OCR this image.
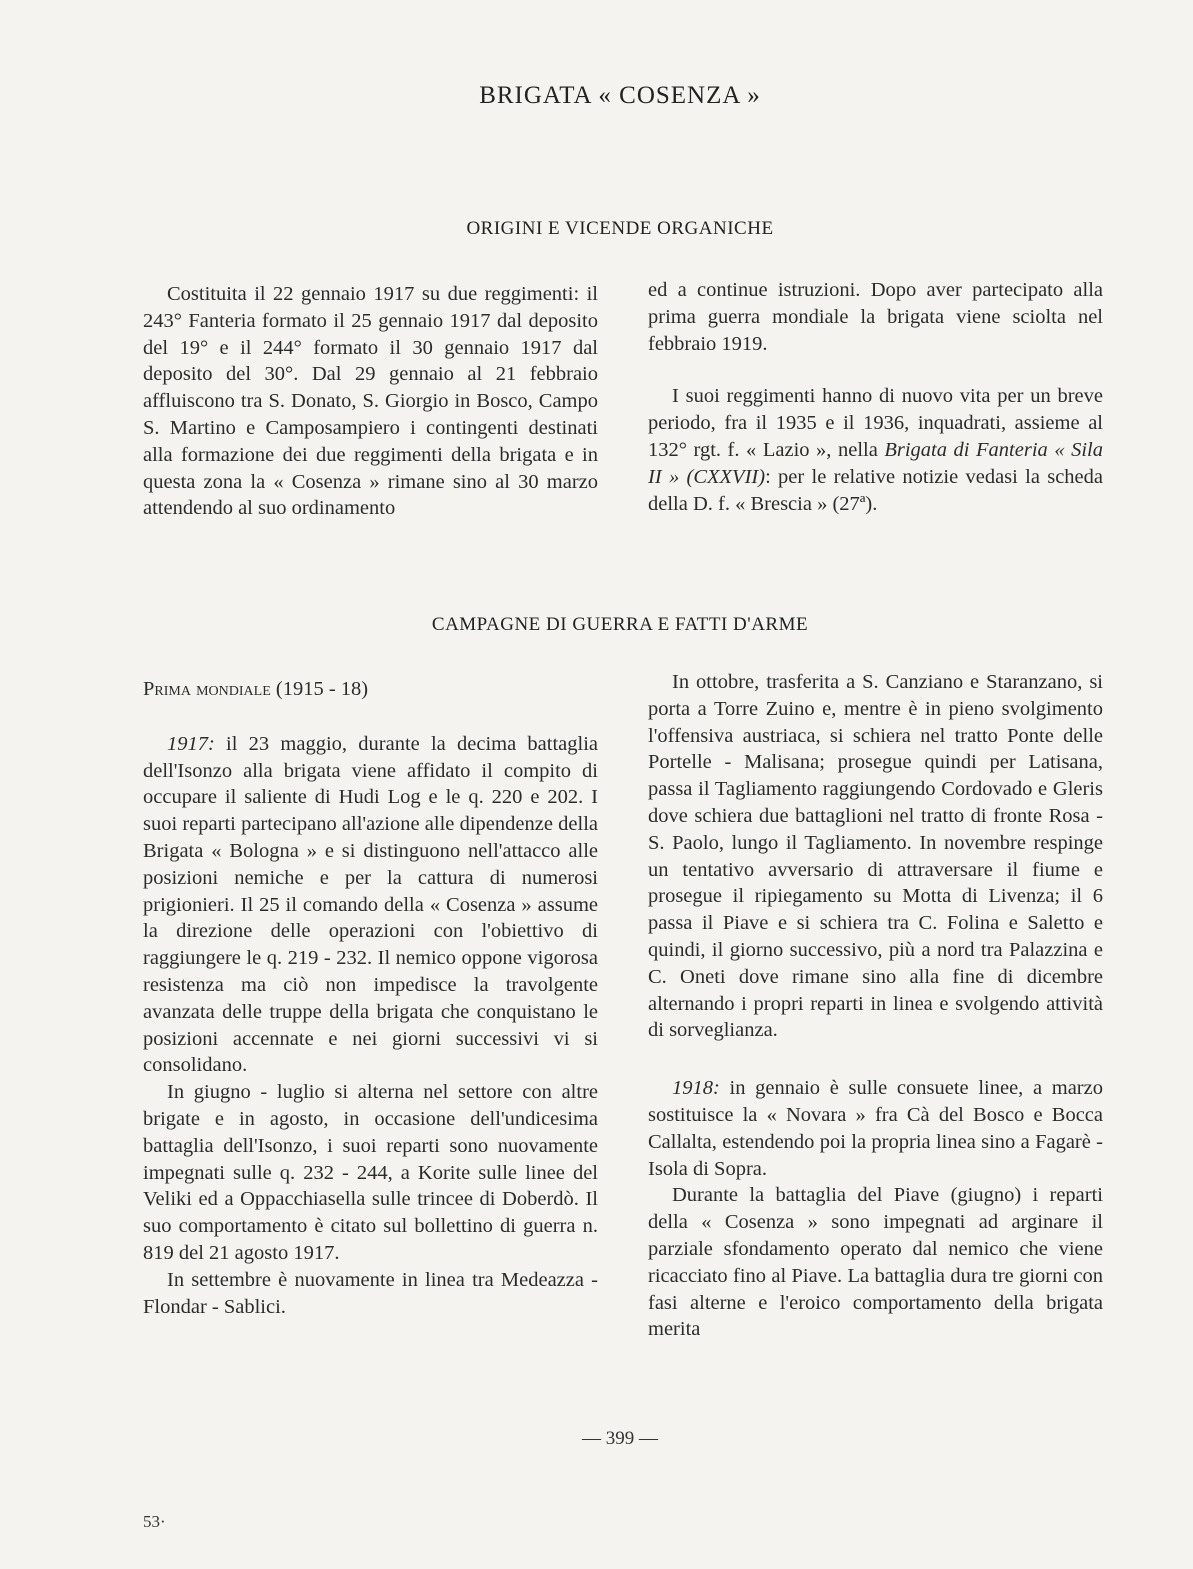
BRIGATA « COSENZA »
ORIGINI E VICENDE ORGANICHE

Costituita il 22 gennaio 1917 su due reggimenti: il 243° Fanteria formato il 25 gennaio 1917 dal deposito del 19° e il 244° formato il 30 gennaio 1917 dal deposito del 30°. Dal 29 gennaio al 21 febbraio affluiscono tra S. Donato, S. Giorgio in Bosco, Campo S. Martino e Camposampiero i contingenti destinati alla formazione dei due reggimenti della brigata e in questa zona la « Cosenza » rimane sino al 30 marzo attendendo al suo ordinamento

ed a continue istruzioni. Dopo aver partecipato alla prima guerra mondiale la brigata viene sciolta nel febbraio 1919.

I suoi reggimenti hanno di nuovo vita per un breve periodo, fra il 1935 e il 1936, inquadrati, assieme al 132° rgt. f. « Lazio », nella Brigata di Fanteria « Sila II » (CXXVII): per le relative notizie vedasi la scheda della D. f. « Brescia » (27ª).

CAMPAGNE DI GUERRA E FATTI D'ARME

Prima mondiale (1915 - 18)

1917: il 23 maggio, durante la decima battaglia dell'Isonzo alla brigata viene affidato il compito di occupare il saliente di Hudi Log e le q. 220 e 202. I suoi reparti partecipano all'azione alle dipendenze della Brigata « Bologna » e si distinguono nell'attacco alle posizioni nemiche e per la cattura di numerosi prigionieri. Il 25 il comando della « Cosenza » assume la direzione delle operazioni con l'obiettivo di raggiungere le q. 219 - 232. Il nemico oppone vigorosa resistenza ma ciò non impedisce la travolgente avanzata delle truppe della brigata che conquistano le posizioni accennate e nei giorni successivi vi si consolidano.

In giugno - luglio si alterna nel settore con altre brigate e in agosto, in occasione dell'undicesima battaglia dell'Isonzo, i suoi reparti sono nuovamente impegnati sulle q. 232 - 244, a Korite sulle linee del Veliki ed a Oppacchiasella sulle trincee di Doberdò. Il suo comportamento è citato sul bollettino di guerra n. 819 del 21 agosto 1917.

In settembre è nuovamente in linea tra Medeazza - Flondar - Sablici.

In ottobre, trasferita a S. Canziano e Staranzano, si porta a Torre Zuino e, mentre è in pieno svolgimento l'offensiva austriaca, si schiera nel tratto Ponte delle Portelle - Malisana; prosegue quindi per Latisana, passa il Tagliamento raggiungendo Cordovado e Gleris dove schiera due battaglioni nel tratto di fronte Rosa - S. Paolo, lungo il Tagliamento. In novembre respinge un tentativo avversario di attraversare il fiume e prosegue il ripiegamento su Motta di Livenza; il 6 passa il Piave e si schiera tra C. Folina e Saletto e quindi, il giorno successivo, più a nord tra Palazzina e C. Oneti dove rimane sino alla fine di dicembre alternando i propri reparti in linea e svolgendo attività di sorveglianza.

1918: in gennaio è sulle consuete linee, a marzo sostituisce la « Novara » fra Cà del Bosco e Bocca Callalta, estendendo poi la propria linea sino a Fagarè - Isola di Sopra.

Durante la battaglia del Piave (giugno) i reparti della « Cosenza » sono impegnati ad arginare il parziale sfondamento operato dal nemico che viene ricacciato fino al Piave. La battaglia dura tre giorni con fasi alterne e l'eroico comportamento della brigata merita

— 399 —
53·
